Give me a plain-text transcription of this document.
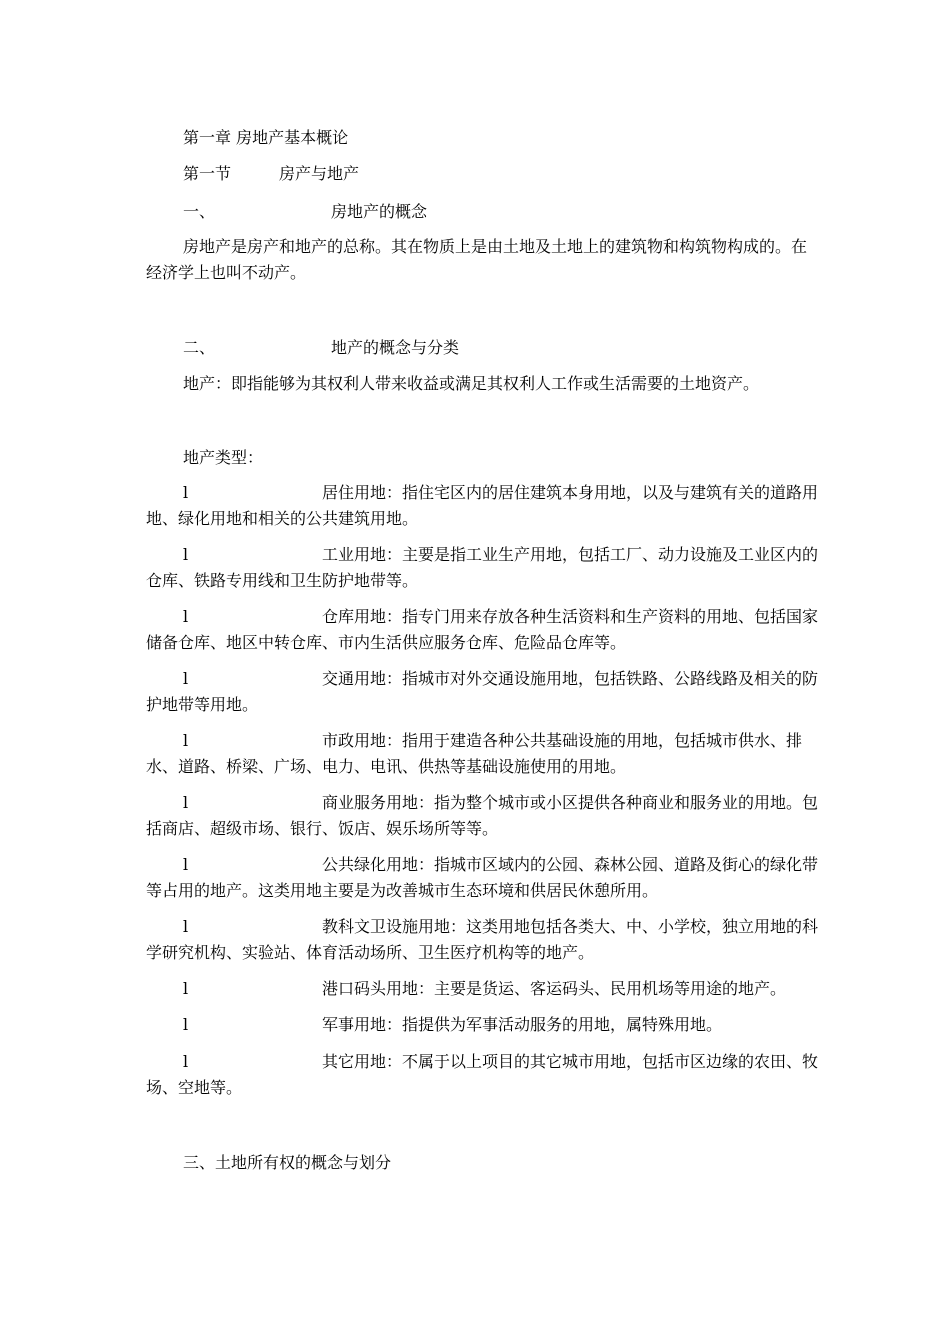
第一章 房地产基本概论
第一节	房产与地产
一、	房地产的概念
房地产是房产和地产的总称。其在物质上是由土地及土地上的建筑物和构筑物构成的。在经济学上也叫不动产。
二、	地产的概念与分类
地产：即指能够为其权利人带来收益或满足其权利人工作或生活需要的土地资产。
地产类型：
l	居住用地：指住宅区内的居住建筑本身用地，以及与建筑有关的道路用地、绿化用地和相关的公共建筑用地。
l	工业用地：主要是指工业生产用地，包括工厂、动力设施及工业区内的仓库、铁路专用线和卫生防护地带等。
l	仓库用地：指专门用来存放各种生活资料和生产资料的用地、包括国家储备仓库、地区中转仓库、市内生活供应服务仓库、危险品仓库等。
l	交通用地：指城市对外交通设施用地，包括铁路、公路线路及相关的防护地带等用地。
l	市政用地：指用于建造各种公共基础设施的用地，包括城市供水、排水、道路、桥梁、广场、电力、电讯、供热等基础设施使用的用地。
l	商业服务用地：指为整个城市或小区提供各种商业和服务业的用地。包括商店、超级市场、银行、饭店、娱乐场所等等。
l	公共绿化用地：指城市区域内的公园、森林公园、道路及街心的绿化带等占用的地产。这类用地主要是为改善城市生态环境和供居民休憩所用。
l	教科文卫设施用地：这类用地包括各类大、中、小学校，独立用地的科学研究机构、实验站、体育活动场所、卫生医疗机构等的地产。
l	港口码头用地：主要是货运、客运码头、民用机场等用途的地产。
l	军事用地：指提供为军事活动服务的用地，属特殊用地。
l	其它用地：不属于以上项目的其它城市用地，包括市区边缘的农田、牧场、空地等。
三、土地所有权的概念与划分
